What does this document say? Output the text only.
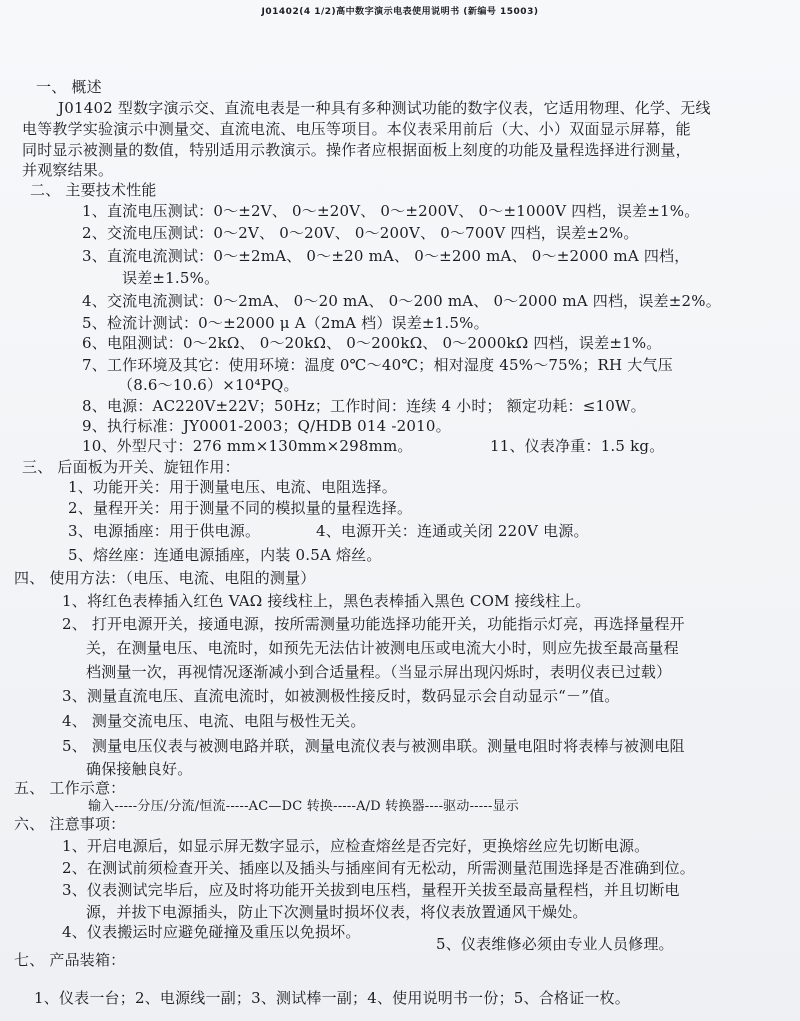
J01402(4 1/2)高中数字演示电表使用说明书 (新编号 15003)
一、 概述
J01402 型数字演示交、直流电表是一种具有多种测试功能的数字仪表，它适用物理、化学、无线
电等教学实验演示中测量交、直流电流、电压等项目。本仪表采用前后（大、小）双面显示屏幕，能
同时显示被测量的数值，特别适用示教演示。操作者应根据面板上刻度的功能及量程选择进行测量，
并观察结果。
二、 主要技术性能
1、直流电压测试：0～±2V、 0～±20V、 0～±200V、 0～±1000V 四档，误差±1%。
2、交流电压测试：0～2V、 0～20V、 0～200V、 0～700V 四档，误差±2%。
3、直流电流测试：0～±2mA、 0～±20 mA、 0～±200 mA、 0～±2000 mA 四档，
误差±1.5%。
4、交流电流测试：0～2mA、 0～20 mA、 0～200 mA、 0～2000 mA 四档，误差±2%。
5、检流计测试：0～±2000 μ A（2mA 档）误差±1.5%。
6、电阻测试：0～2kΩ、 0～20kΩ、 0～200kΩ、 0～2000kΩ 四档，误差±1%。
7、工作环境及其它：使用环境：温度 0℃～40℃；相对湿度 45%～75%；RH 大气压
（8.6～10.6）×10⁴PQ。
8、电源：AC220V±22V；50Hz；工作时间：连续 4 小时； 额定功耗：≤10W。
9、执行标准：JY0001-2003；Q/HDB 014 -2010。
10、外型尺寸：276 mm×130mm×298mm。	11、仪表净重：1.5 kg。
三、 后面板为开关、旋钮作用：
1、功能开关：用于测量电压、电流、电阻选择。
2、量程开关：用于测量不同的模拟量的量程选择。
3、电源插座：用于供电源。	4、电源开关：连通或关闭 220V 电源。
5、熔丝座：连通电源插座，内装 0.5A 熔丝。
四、 使用方法：（电压、电流、电阻的测量）
1、将红色表棒插入红色 VAΩ 接线柱上，黑色表棒插入黑色 COM 接线柱上。
2、 打开电源开关，接通电源，按所需测量功能选择功能开关，功能指示灯亮，再选择量程开
关，在测量电压、电流时，如预先无法估计被测电压或电流大小时，则应先拔至最高量程
档测量一次，再视情况逐渐减小到合适量程。（当显示屏出现闪烁时，表明仪表已过载）
3、测量直流电压、直流电流时，如被测极性接反时，数码显示会自动显示“－”值。
4、 测量交流电压、电流、电阻与极性无关。
5、 测量电压仪表与被测电路并联，测量电流仪表与被测串联。测量电阻时将表棒与被测电阻
确保接触良好。
五、 工作示意：
输入-----分压/分流/恒流-----AC—DC 转换-----A/D 转换器----驱动-----显示
六、 注意事项：
1、开启电源后，如显示屏无数字显示，应检查熔丝是否完好，更换熔丝应先切断电源。
2、在测试前须检查开关、插座以及插头与插座间有无松动，所需测量范围选择是否准确到位。
3、仪表测试完毕后，应及时将功能开关拔到电压档，量程开关拔至最高量程档，并且切断电
源，并拔下电源插头，防止下次测量时损坏仪表，将仪表放置通风干燥处。
4、仪表搬运时应避免碰撞及重压以免损坏。
5、仪表维修必须由专业人员修理。
七、 产品装箱：
1、仪表一台；2、电源线一副；3、测试棒一副；4、使用说明书一份；5、合格证一枚。
